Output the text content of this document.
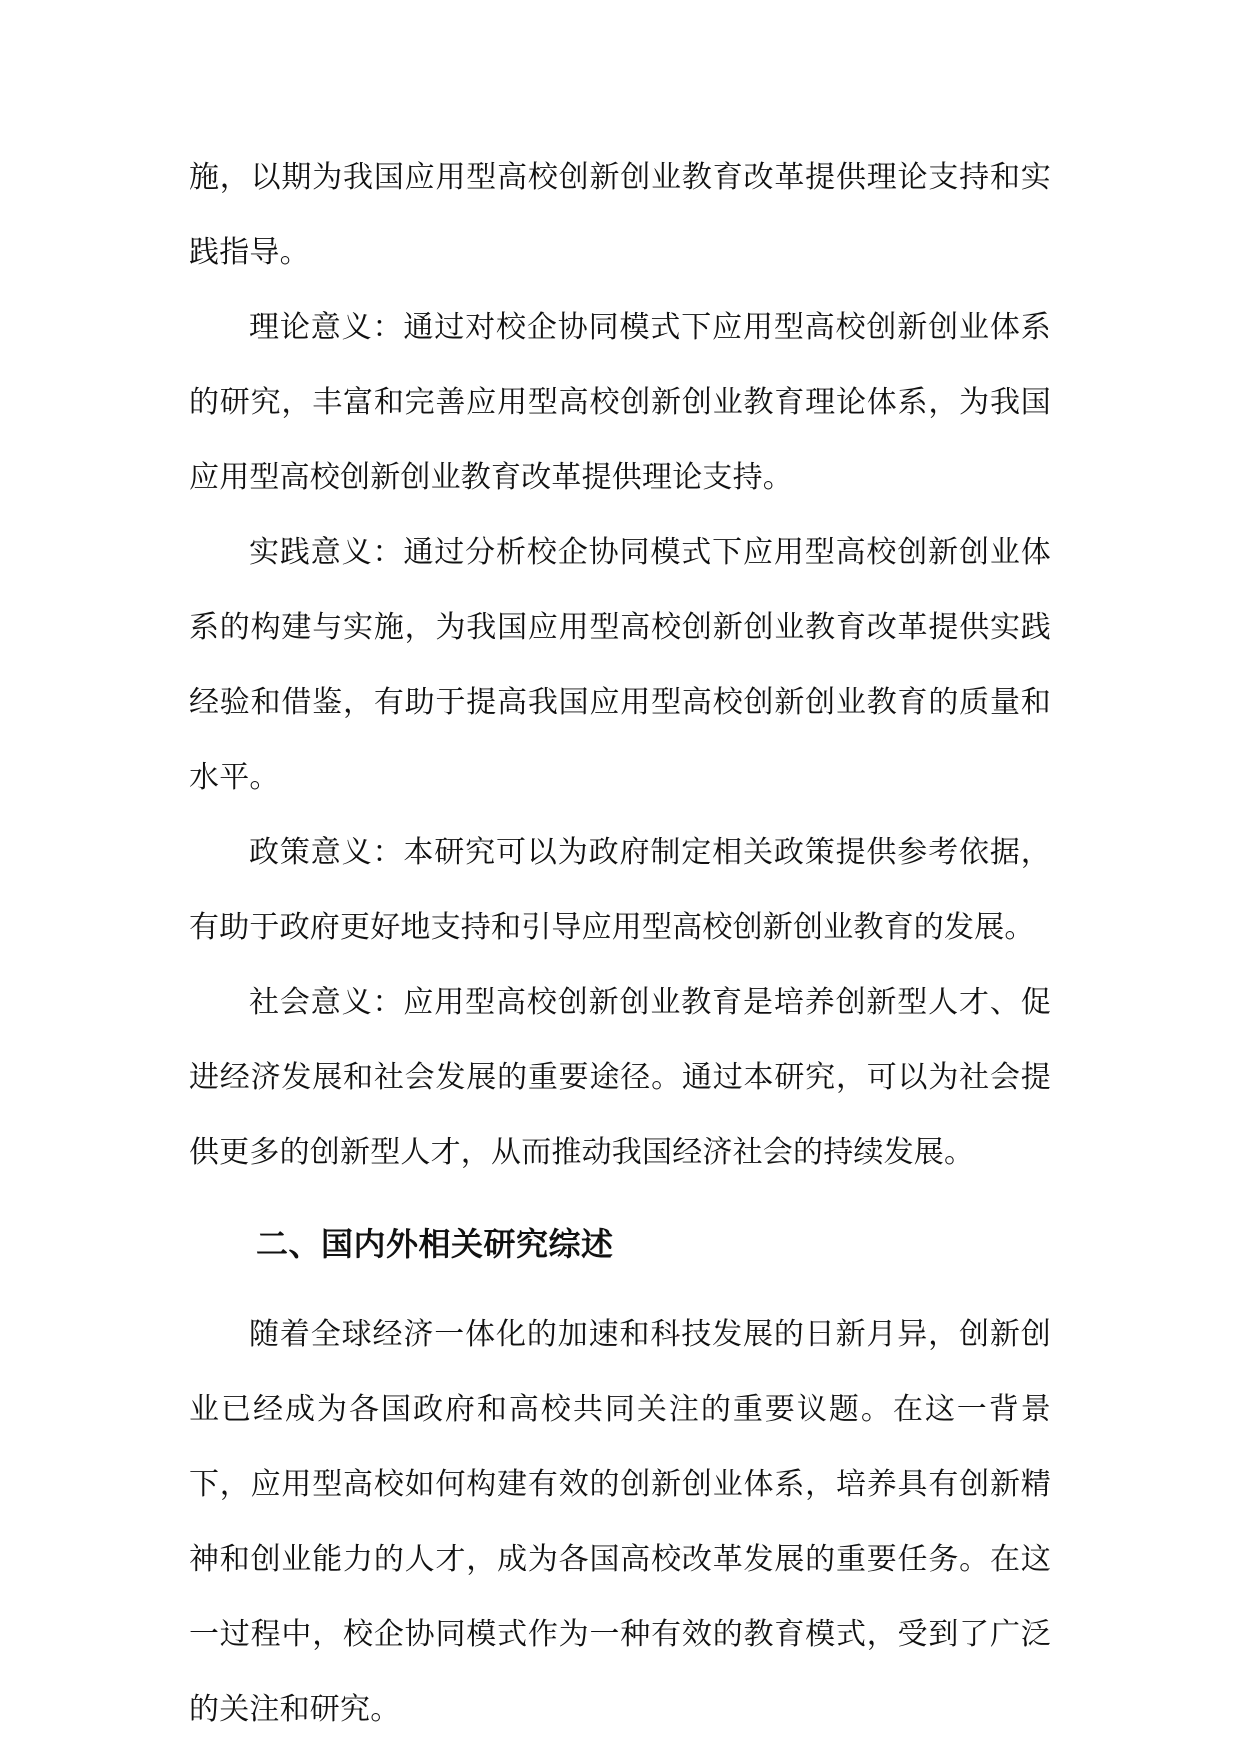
施，以期为我国应用型高校创新创业教育改革提供理论支持和实践指导。

理论意义：通过对校企协同模式下应用型高校创新创业体系的研究，丰富和完善应用型高校创新创业教育理论体系，为我国应用型高校创新创业教育改革提供理论支持。

实践意义：通过分析校企协同模式下应用型高校创新创业体系的构建与实施，为我国应用型高校创新创业教育改革提供实践经验和借鉴，有助于提高我国应用型高校创新创业教育的质量和水平。

政策意义：本研究可以为政府制定相关政策提供参考依据，有助于政府更好地支持和引导应用型高校创新创业教育的发展。

社会意义：应用型高校创新创业教育是培养创新型人才、促进经济发展和社会发展的重要途径。通过本研究，可以为社会提供更多的创新型人才，从而推动我国经济社会的持续发展。

二、国内外相关研究综述

随着全球经济一体化的加速和科技发展的日新月异，创新创业已经成为各国政府和高校共同关注的重要议题。在这一背景下，应用型高校如何构建有效的创新创业体系，培养具有创新精神和创业能力的人才，成为各国高校改革发展的重要任务。在这一过程中，校企协同模式作为一种有效的教育模式，受到了广泛的关注和研究。
